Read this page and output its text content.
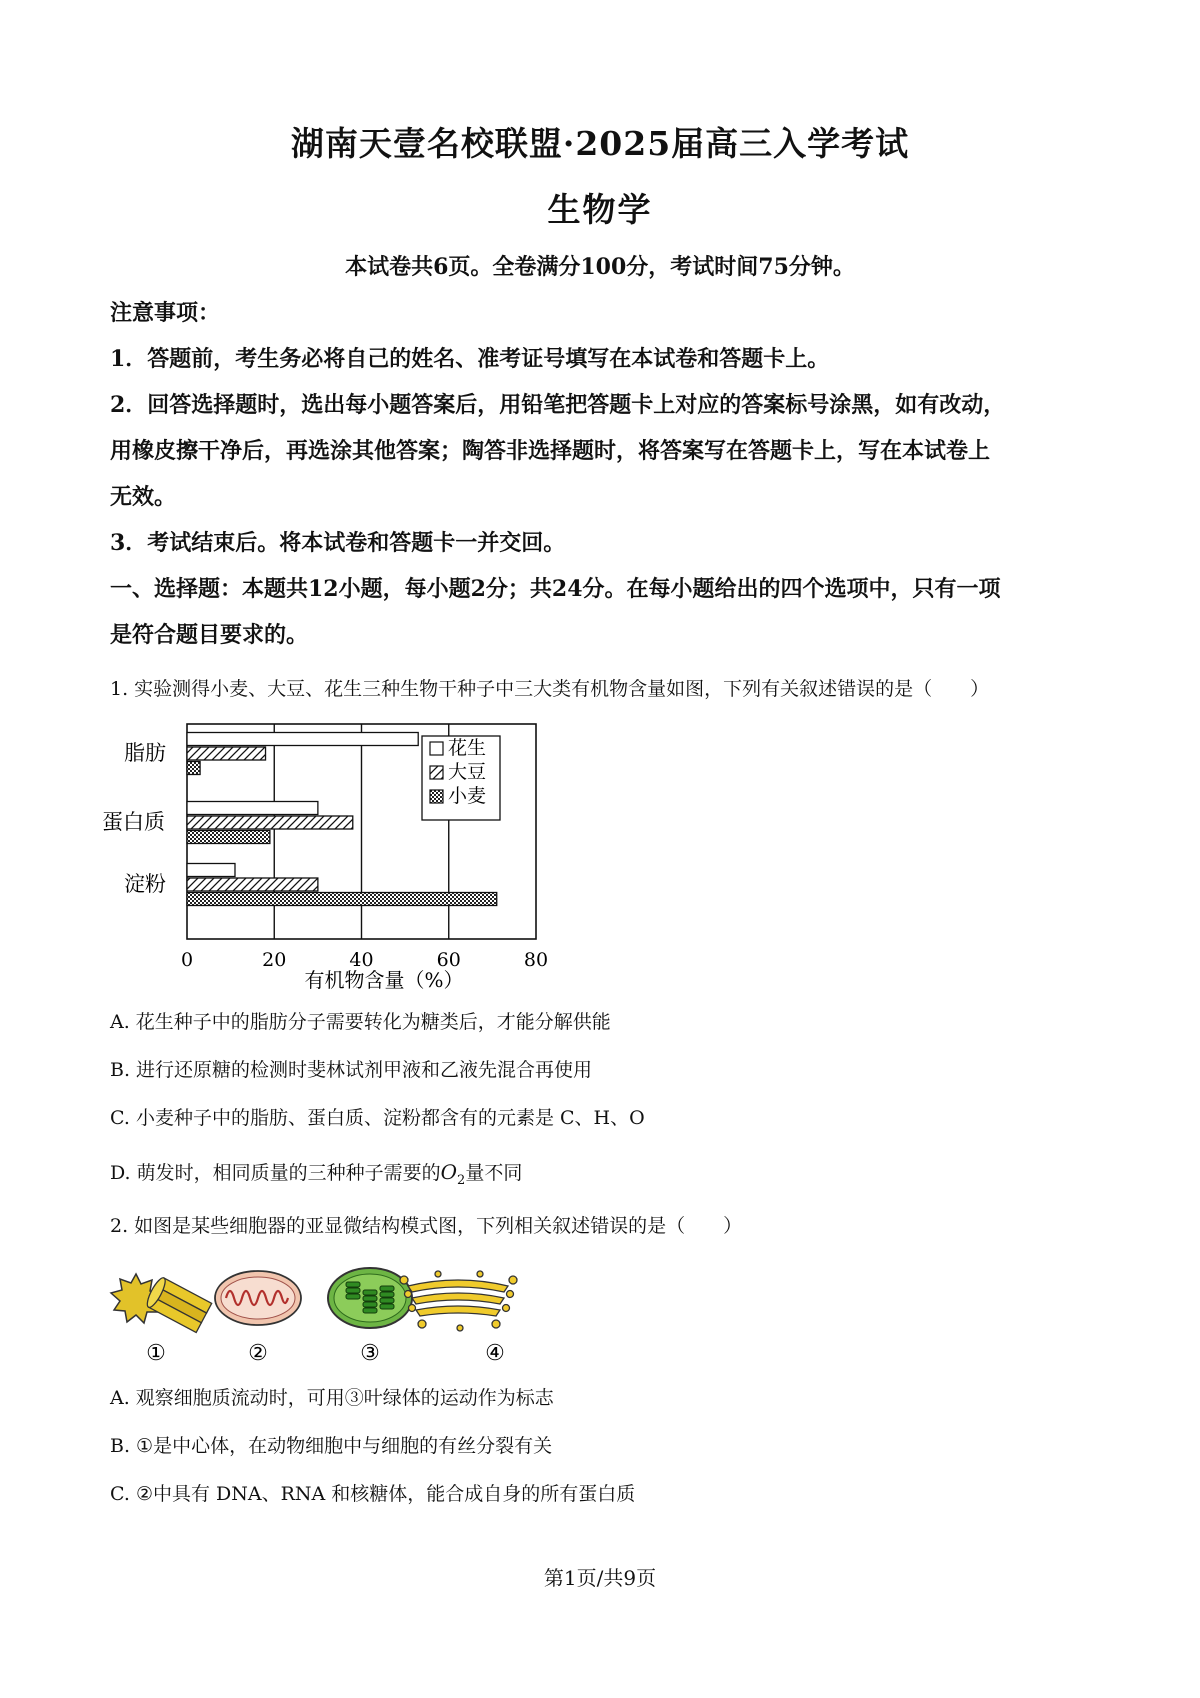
湖南天壹名校联盟·2025届高三入学考试
生物学
本试卷共6页。全卷满分100分，考试时间75分钟。
注意事项：
1．答题前，考生务必将自己的姓名、准考证号填写在本试卷和答题卡上。
2．回答选择题时，选出每小题答案后，用铅笔把答题卡上对应的答案标号涂黑，如有改动，
用橡皮擦干净后，再选涂其他答案；陶答非选择题时，将答案写在答题卡上，写在本试卷上
无效。
3．考试结束后。将本试卷和答题卡一并交回。
一、选择题：本题共12小题，每小题2分；共24分。在每小题给出的四个选项中，只有一项
是符合题目要求的。
1. 实验测得小麦、大豆、花生三种生物干种子中三大类有机物含量如图，下列有关叙述错误的是（　　）
0	20	40	60	80
脂肪
蛋白质
淀粉
有机物含量（%）
花生
大豆
小麦
A. 花生种子中的脂肪分子需要转化为糖类后，才能分解供能
B. 进行还原糖的检测时斐林试剂甲液和乙液先混合再使用
C. 小麦种子中的脂肪、蛋白质、淀粉都含有的元素是 C、H、O
D. 萌发时，相同质量的三种种子需要的$O_2$量不同
2. 如图是某些细胞器的亚显微结构模式图，下列相关叙述错误的是（　　）
①	②	③	④
A. 观察细胞质流动时，可用③叶绿体的运动作为标志
B. ①是中心体，在动物细胞中与细胞的有丝分裂有关
C. ②中具有 DNA、RNA 和核糖体，能合成自身的所有蛋白质
第1页/共9页
